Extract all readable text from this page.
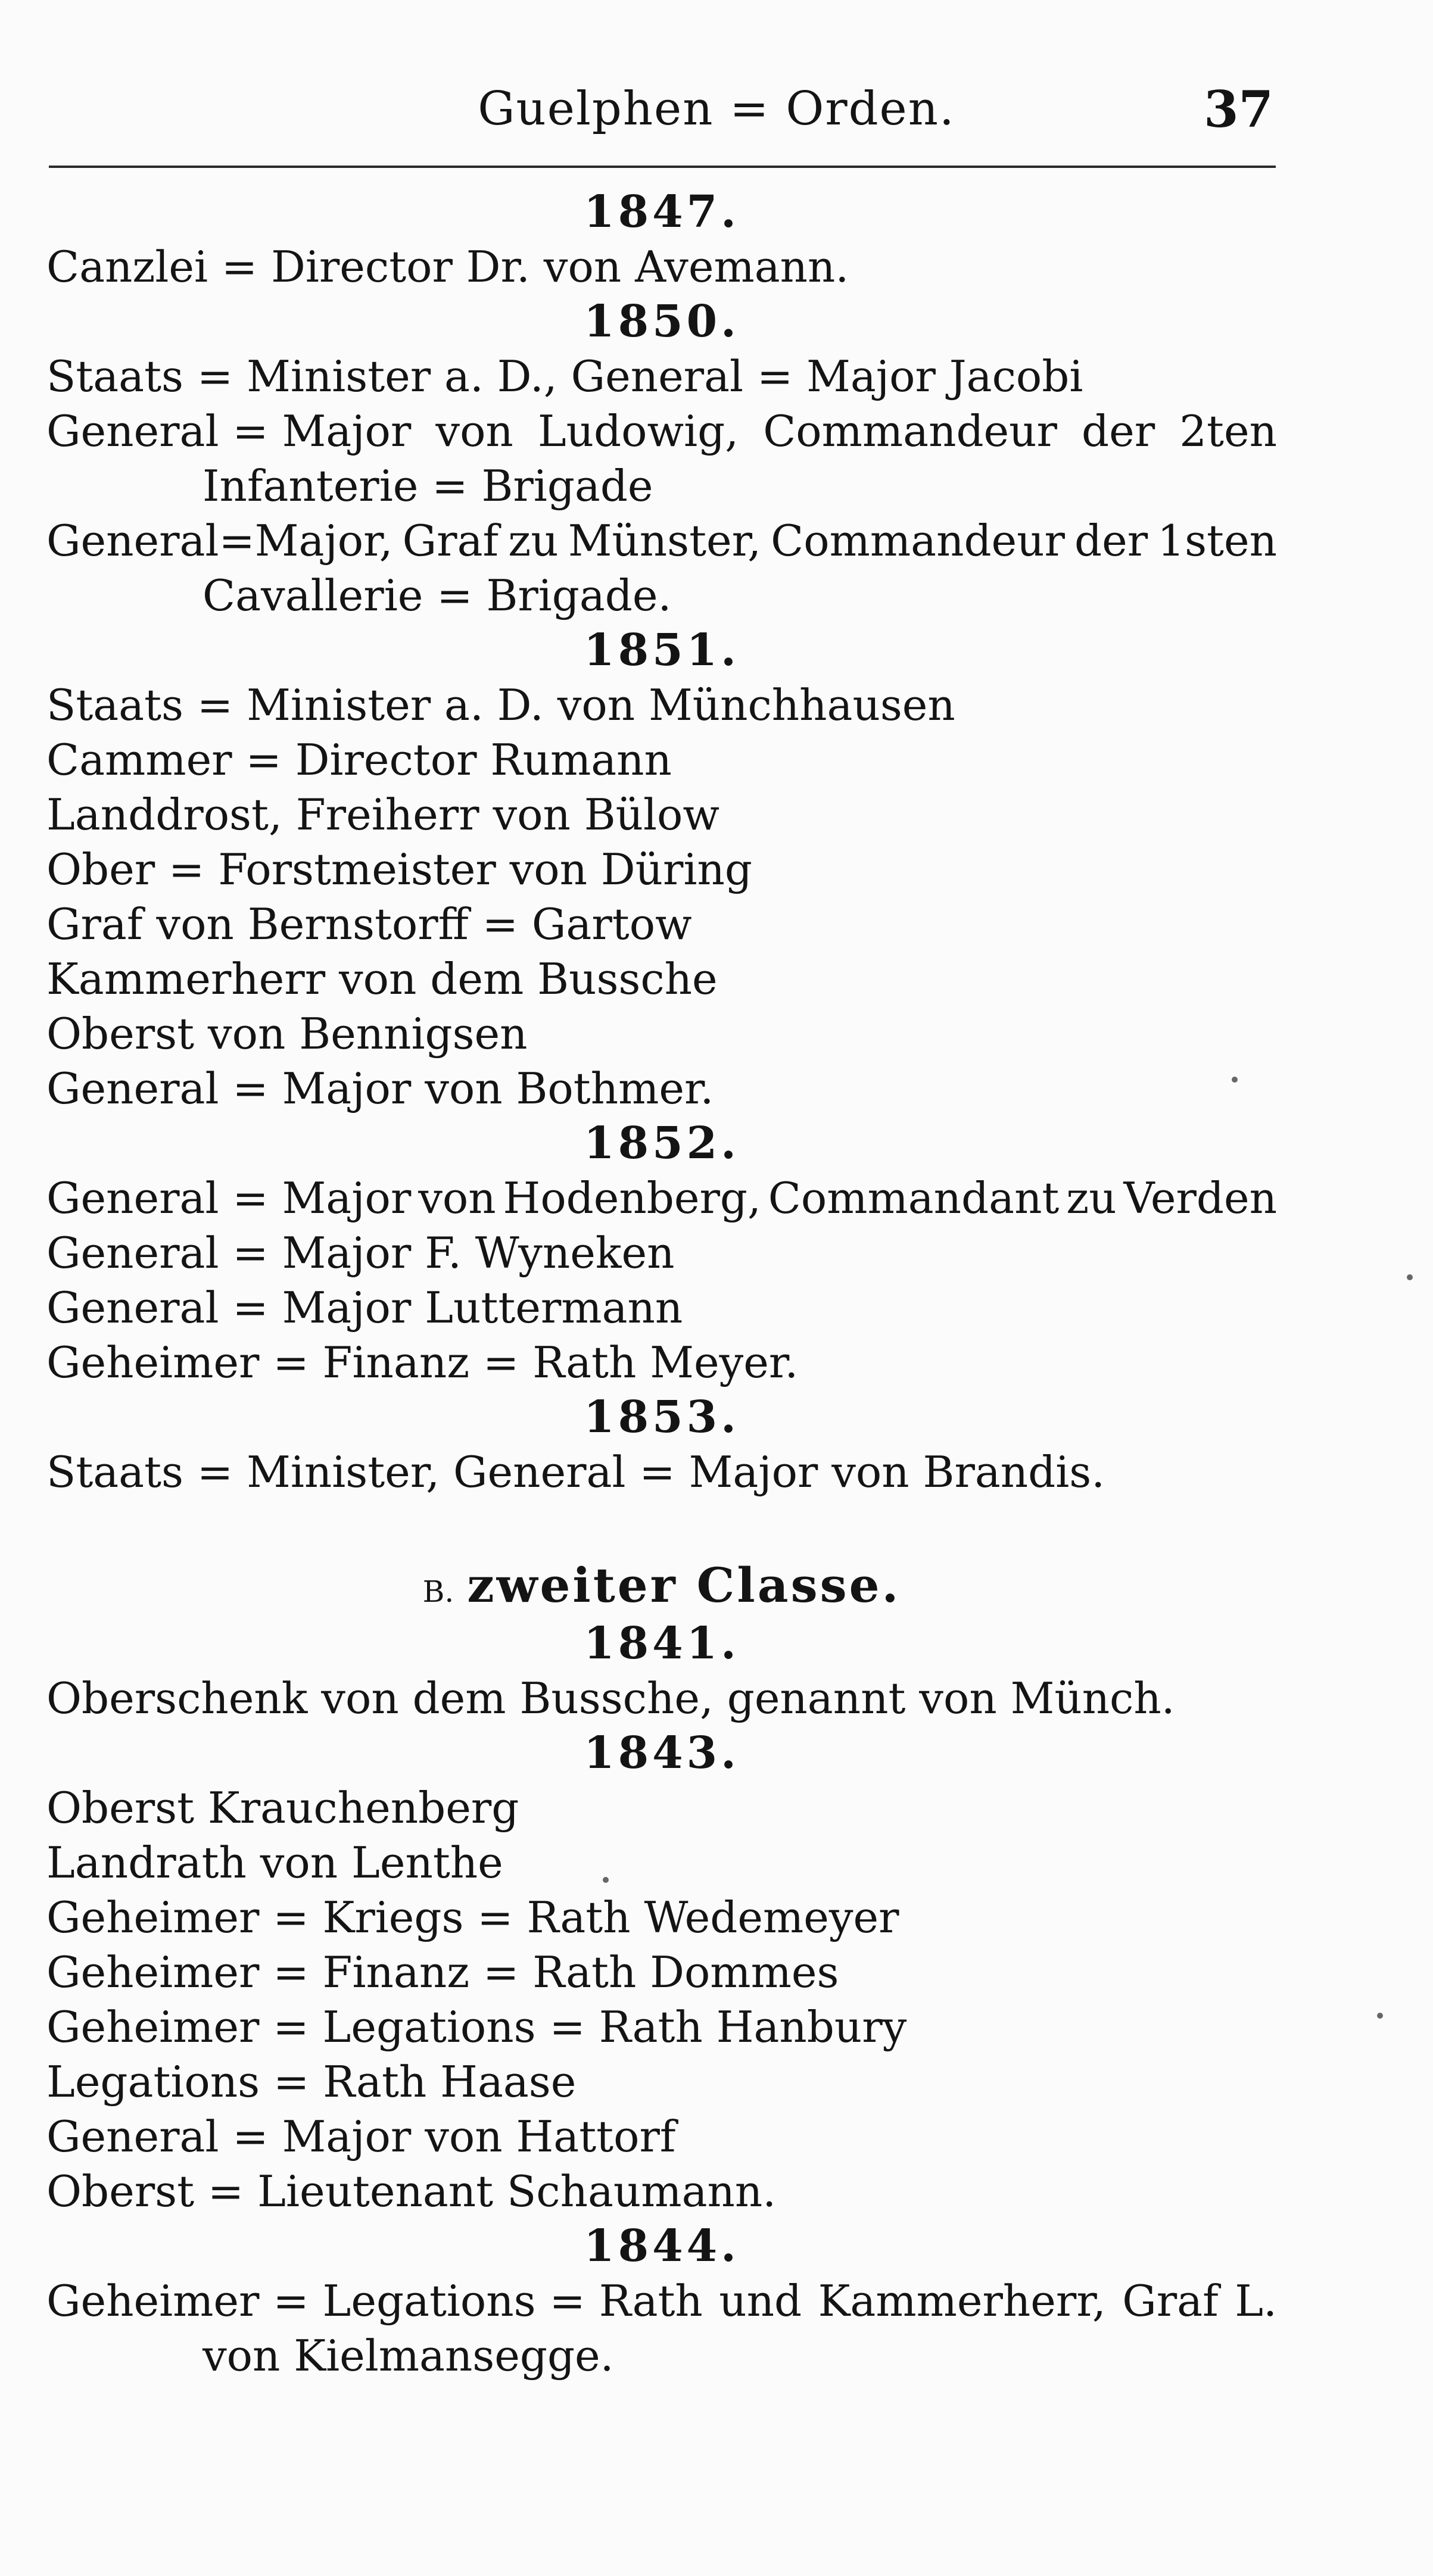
Guelphen = Orden.	37
1847.
Canzlei = Director Dr. von Avemann.
1850.
Staats = Minister a. D., General = Major Jacobi
General = Major von Ludowig, Commandeur der 2ten
Infanterie = Brigade
General=Major, Graf zu Münster, Commandeur der 1sten
Cavallerie = Brigade.
1851.
Staats = Minister a. D. von Münchhausen
Cammer = Director Rumann
Landdrost, Freiherr von Bülow
Ober = Forstmeister von Düring
Graf von Bernstorff = Gartow
Kammerherr von dem Bussche
Oberst von Bennigsen
General = Major von Bothmer.
1852.
General = Major von Hodenberg, Commandant zu Verden
General = Major F. Wyneken
General = Major Luttermann
Geheimer = Finanz = Rath Meyer.
1853.
Staats = Minister, General = Major von Brandis.
B. zweiter Classe.
1841.
Oberschenk von dem Bussche, genannt von Münch.
1843.
Oberst Krauchenberg
Landrath von Lenthe
Geheimer = Kriegs = Rath Wedemeyer
Geheimer = Finanz = Rath Dommes
Geheimer = Legations = Rath Hanbury
Legations = Rath Haase
General = Major von Hattorf
Oberst = Lieutenant Schaumann.
1844.
Geheimer = Legations = Rath und Kammerherr, Graf L.
von Kielmansegge.
